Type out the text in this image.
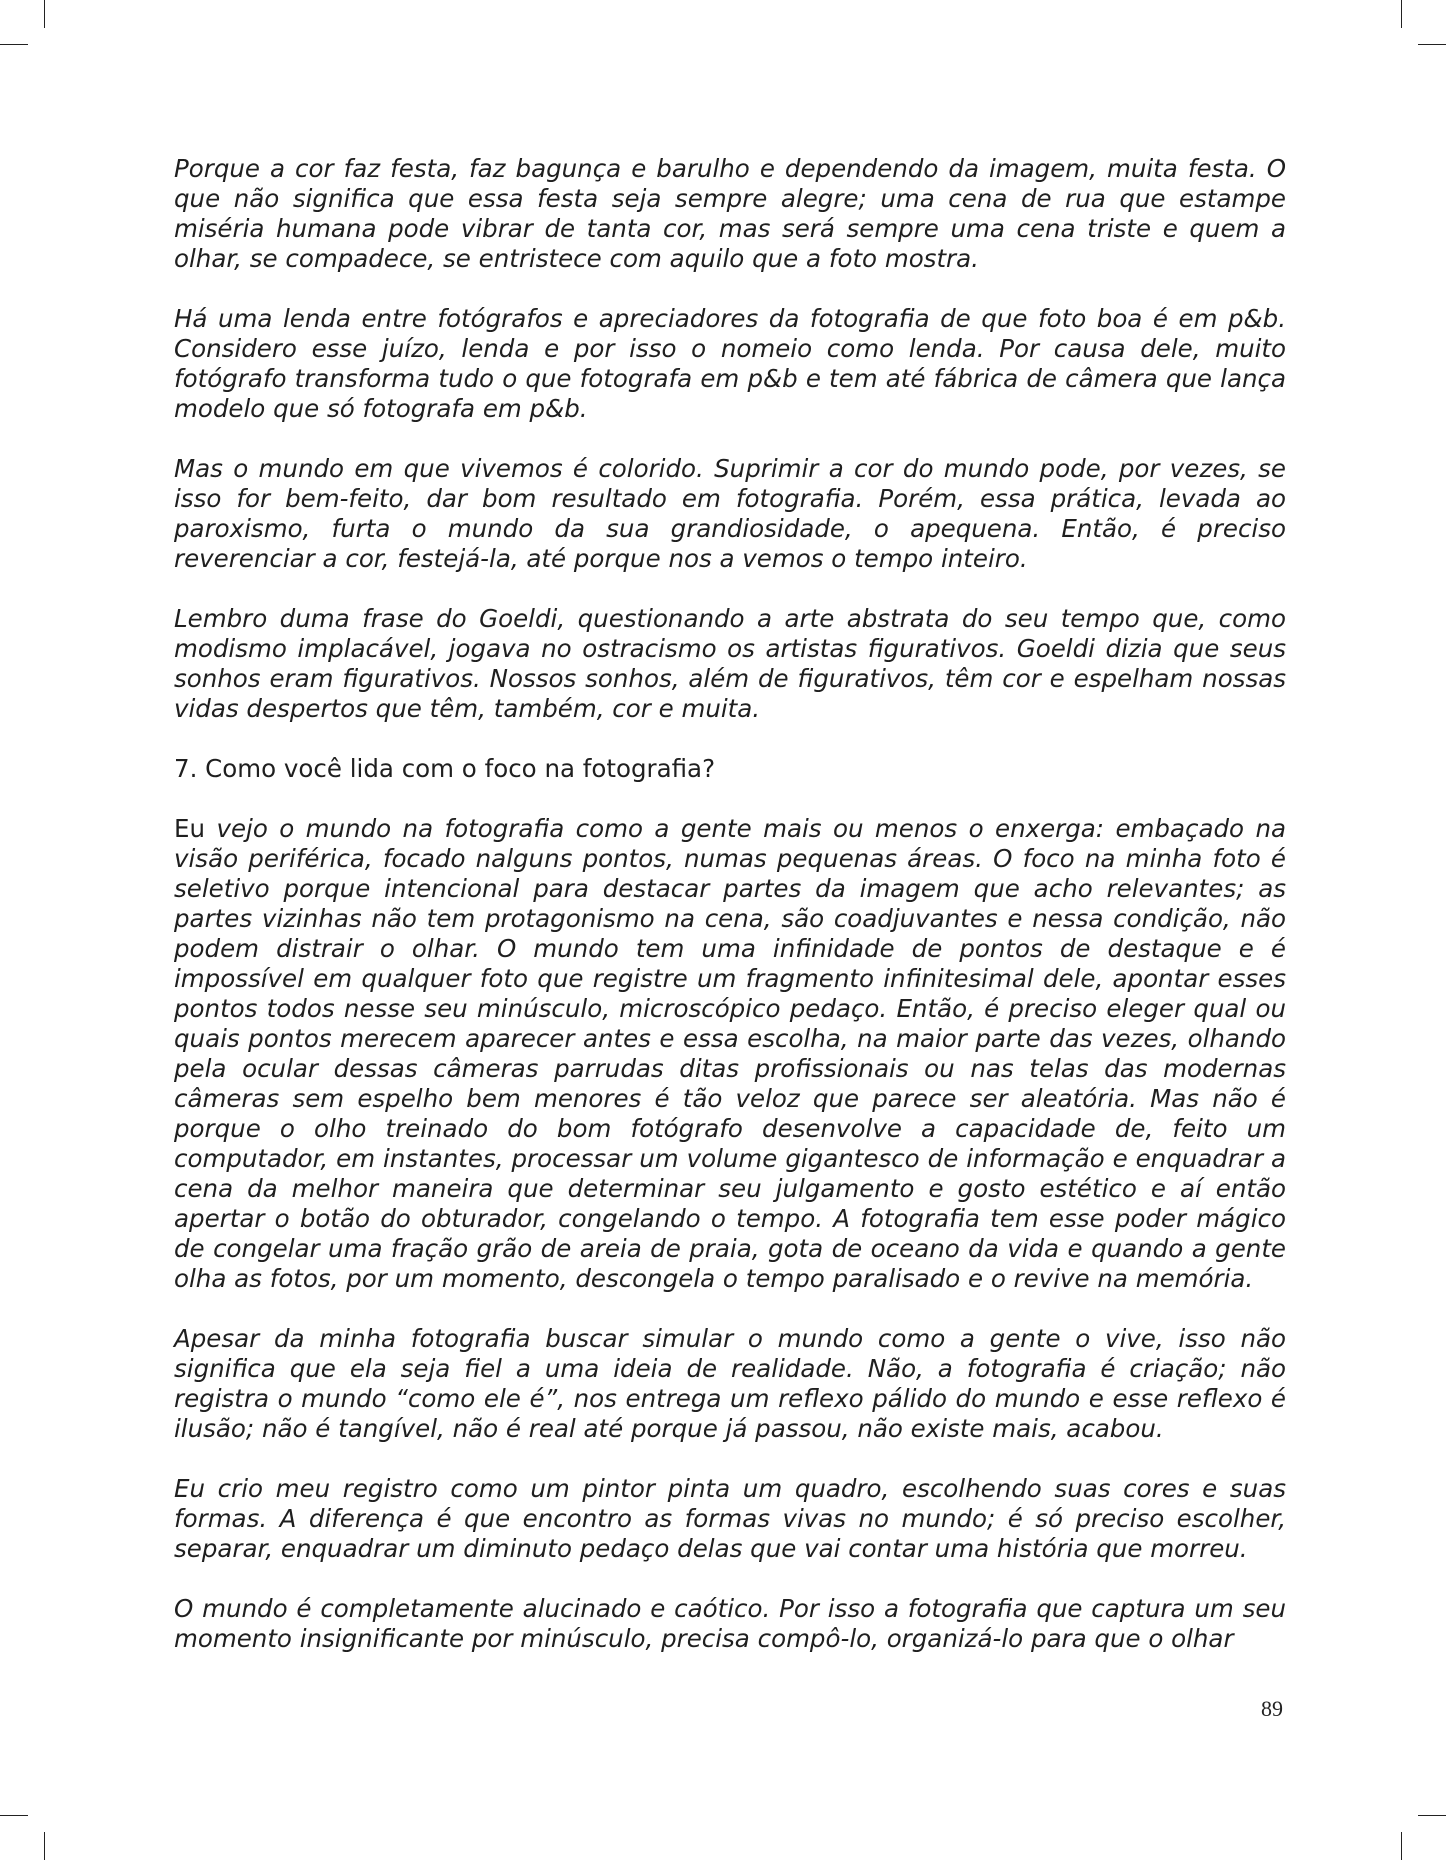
Porque a cor faz festa, faz bagunça e barulho e dependendo da imagem, muita festa. O que não significa que essa festa seja sempre alegre; uma cena de rua que estampe miséria humana pode vibrar de tanta cor, mas será sempre uma cena triste e quem a olhar, se compadece, se entristece com aquilo que a foto mostra.

Há uma lenda entre fotógrafos e apreciadores da fotografia de que foto boa é em p&b. Considero esse juízo, lenda e por isso o nomeio como lenda. Por causa dele, muito fotógrafo transforma tudo o que fotografa em p&b e tem até fábrica de câmera que lança modelo que só fotografa em p&b.

Mas o mundo em que vivemos é colorido. Suprimir a cor do mundo pode, por vezes, se isso for bem-feito, dar bom resultado em fotografia. Porém, essa prática, levada ao paroxismo, furta o mundo da sua grandiosidade, o apequena. Então, é preciso reverenciar a cor, festejá-la, até porque nos a vemos o tempo inteiro.

Lembro duma frase do Goeldi, questionando a arte abstrata do seu tempo que, como modismo implacável, jogava no ostracismo os artistas figurativos. Goeldi dizia que seus sonhos eram figurativos. Nossos sonhos, além de figurativos, têm cor e espelham nossas vidas despertos que têm, também, cor e muita.

7. Como você lida com o foco na fotografia?

Eu vejo o mundo na fotografia como a gente mais ou menos o enxerga: embaçado na visão periférica, focado nalguns pontos, numas pequenas áreas. O foco na minha foto é seletivo porque intencional para destacar partes da imagem que acho relevantes; as partes vizinhas não tem protagonismo na cena, são coadjuvantes e nessa condição, não podem distrair o olhar. O mundo tem uma infinidade de pontos de destaque e é impossível em qualquer foto que registre um fragmento infinitesimal dele, apontar esses pontos todos nesse seu minúsculo, microscópico pedaço. Então, é preciso eleger qual ou quais pontos merecem aparecer antes e essa escolha, na maior parte das vezes, olhando pela ocular dessas câmeras parrudas ditas profissionais ou nas telas das modernas câmeras sem espelho bem menores é tão veloz que parece ser aleatória. Mas não é porque o olho treinado do bom fotógrafo desenvolve a capacidade de, feito um computador, em instantes, processar um volume gigantesco de informação e enquadrar a cena da melhor maneira que determinar seu julgamento e gosto estético e aí então apertar o botão do obturador, congelando o tempo. A fotografia tem esse poder mágico de congelar uma fração grão de areia de praia, gota de oceano da vida e quando a gente olha as fotos, por um momento, descongela o tempo paralisado e o revive na memória.

Apesar da minha fotografia buscar simular o mundo como a gente o vive, isso não significa que ela seja fiel a uma ideia de realidade. Não, a fotografia é criação; não registra o mundo “como ele é”, nos entrega um reflexo pálido do mundo e esse reflexo é ilusão; não é tangível, não é real até porque já passou, não existe mais, acabou.

Eu crio meu registro como um pintor pinta um quadro, escolhendo suas cores e suas formas. A diferença é que encontro as formas vivas no mundo; é só preciso escolher, separar, enquadrar um diminuto pedaço delas que vai contar uma história que morreu.

O mundo é completamente alucinado e caótico. Por isso a fotografia que captura um seu momento insignificante por minúsculo, precisa compô-lo, organizá-lo para que o olhar

89
